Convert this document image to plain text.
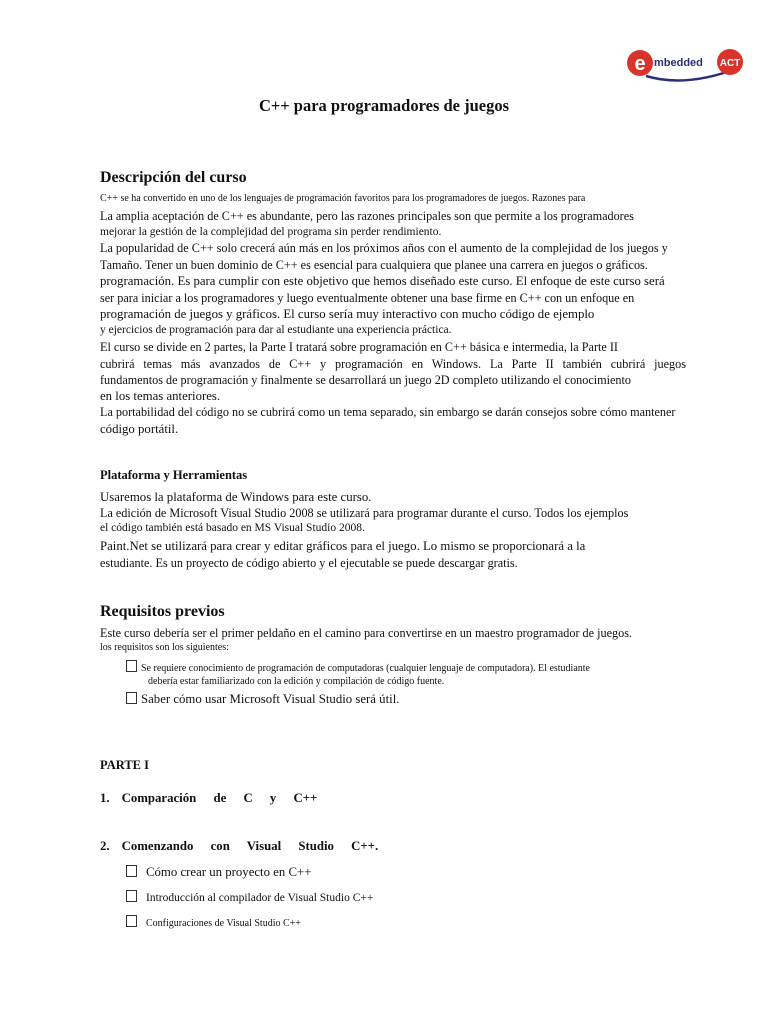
e mbedded ACT
C++ para programadores de juegos
Descripción del curso
C++ se ha convertido en uno de los lenguajes de programación favoritos para los programadores de juegos. Razones para
La amplia aceptación de C++ es abundante, pero las razones principales son que permite a los programadores
mejorar la gestión de la complejidad del programa sin perder rendimiento.
La popularidad de C++ solo crecerá aún más en los próximos años con el aumento de la complejidad de los juegos y
Tamaño. Tener un buen dominio de C++ es esencial para cualquiera que planee una carrera en juegos o gráficos.
programación. Es para cumplir con este objetivo que hemos diseñado este curso. El enfoque de este curso será
ser para iniciar a los programadores y luego eventualmente obtener una base firme en C++ con un enfoque en
programación de juegos y gráficos. El curso sería muy interactivo con mucho código de ejemplo
y ejercicios de programación para dar al estudiante una experiencia práctica.
El curso se divide en 2 partes, la Parte I tratará sobre programación en C++ básica e intermedia, la Parte II
cubrirá temas más avanzados de C++ y programación en Windows. La Parte II también cubrirá juegos
fundamentos de programación y finalmente se desarrollará un juego 2D completo utilizando el conocimiento
en los temas anteriores.
La portabilidad del código no se cubrirá como un tema separado, sin embargo se darán consejos sobre cómo mantener
código portátil.
Plataforma y Herramientas
Usaremos la plataforma de Windows para este curso.
La edición de Microsoft Visual Studio 2008 se utilizará para programar durante el curso. Todos los ejemplos
el código también está basado en MS Visual Studio 2008.
Paint.Net se utilizará para crear y editar gráficos para el juego. Lo mismo se proporcionará a la
estudiante. Es un proyecto de código abierto y el ejecutable se puede descargar gratis.
Requisitos previos
Este curso debería ser el primer peldaño en el camino para convertirse en un maestro programador de juegos.
los requisitos son los siguientes:
Se requiere conocimiento de programación de computadoras (cualquier lenguaje de computadora). El estudiante
debería estar familiarizado con la edición y compilación de código fuente.
Saber cómo usar Microsoft Visual Studio será útil.
PARTE I
1. Comparación de C y C++
2. Comenzando con Visual Studio C++.
Cómo crear un proyecto en C++
Introducción al compilador de Visual Studio C++
Configuraciones de Visual Studio C++
